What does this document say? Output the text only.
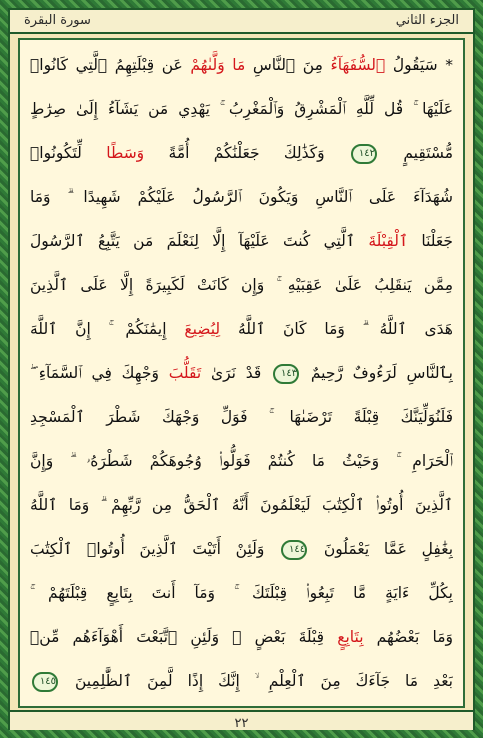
الجزء الثاني
سورة البقرة
* سَيَقُولُ ٱلسُّفَهَآءُ مِنَ ٱلنَّاسِ مَا وَلَّىٰهُمْ عَن قِبْلَتِهِمُ ٱلَّتِي كَانُوا۟
عَلَيْهَا ۚ قُل لِّلَّهِ ٱلْمَشْرِقُ وَٱلْمَغْرِبُ ۚ يَهْدِي مَن يَشَآءُ إِلَىٰ صِرَٰطٍ
مُّسْتَقِيمٍ ١٤٢ وَكَذَٰلِكَ جَعَلْنَٰكُمْ أُمَّةً وَسَطًا لِّتَكُونُوا۟
شُهَدَآءَ عَلَى ٱلنَّاسِ وَيَكُونَ ٱلرَّسُولُ عَلَيْكُمْ شَهِيدًا ۗ وَمَا
جَعَلْنَا ٱلْقِبْلَةَ ٱلَّتِي كُنتَ عَلَيْهَآ إِلَّا لِنَعْلَمَ مَن يَتَّبِعُ ٱلرَّسُولَ
مِمَّن يَنقَلِبُ عَلَىٰ عَقِبَيْهِ ۚ وَإِن كَانَتْ لَكَبِيرَةً إِلَّا عَلَى ٱلَّذِينَ
هَدَى ٱللَّهُ ۗ وَمَا كَانَ ٱللَّهُ لِيُضِيعَ إِيمَٰنَكُمْ ۚ إِنَّ ٱللَّهَ
بِٱلنَّاسِ لَرَءُوفٌ رَّحِيمٌ ١٤٣ قَدْ نَرَىٰ تَقَلُّبَ وَجْهِكَ فِي ٱلسَّمَآءِ ۖ
فَلَنُوَلِّيَنَّكَ قِبْلَةً تَرْضَىٰهَا ۚ فَوَلِّ وَجْهَكَ شَطْرَ ٱلْمَسْجِدِ
ٱلْحَرَامِ ۚ وَحَيْثُ مَا كُنتُمْ فَوَلُّوا۟ وُجُوهَكُمْ شَطْرَهُۥ ۗ وَإِنَّ
ٱلَّذِينَ أُوتُوا۟ ٱلْكِتَٰبَ لَيَعْلَمُونَ أَنَّهُ ٱلْحَقُّ مِن رَّبِّهِمْ ۗ وَمَا ٱللَّهُ
بِغَٰفِلٍ عَمَّا يَعْمَلُونَ ١٤٤ وَلَئِنْ أَتَيْتَ ٱلَّذِينَ أُوتُوا۟ ٱلْكِتَٰبَ
بِكُلِّ ءَايَةٍ مَّا تَبِعُوا۟ قِبْلَتَكَ ۚ وَمَآ أَنتَ بِتَابِعٍ قِبْلَتَهُمْ ۚ
وَمَا بَعْضُهُم بِتَابِعٍ قِبْلَةَ بَعْضٍ ۚ وَلَئِنِ ٱتَّبَعْتَ أَهْوَآءَهُم مِّنۢ
بَعْدِ مَا جَآءَكَ مِنَ ٱلْعِلْمِ ۙ إِنَّكَ إِذًا لَّمِنَ ٱلظَّٰلِمِينَ ١٤٥
٢٢
